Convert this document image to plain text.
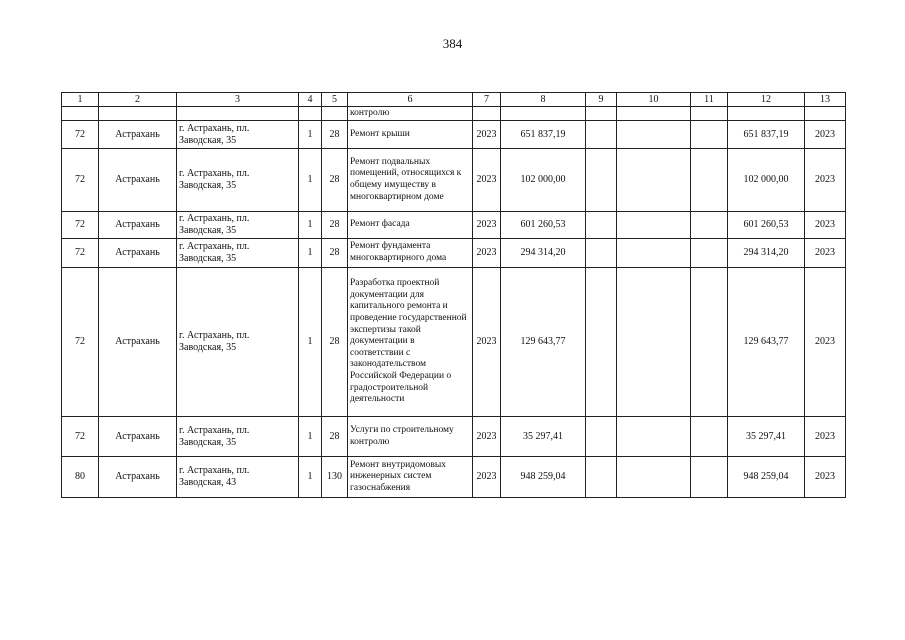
384
1	2	3	4	5	6	7	8	9	10	11	12	13
					контролю							
72	Астрахань	г. Астрахань, пл. Заводская, 35	1	28	Ремонт крыши	2023	651 837,19				651 837,19	2023
72	Астрахань	г. Астрахань, пл. Заводская, 35	1	28	Ремонт подвальных помещений, относящихся к общему имуществу в многоквартирном доме	2023	102 000,00				102 000,00	2023
72	Астрахань	г. Астрахань, пл. Заводская, 35	1	28	Ремонт фасада	2023	601 260,53				601 260,53	2023
72	Астрахань	г. Астрахань, пл. Заводская, 35	1	28	Ремонт фундамента многоквартирного дома	2023	294 314,20				294 314,20	2023
72	Астрахань	г. Астрахань, пл. Заводская, 35	1	28	Разработка проектной документации для капитального ремонта и проведение государственной экспертизы такой документации в соответствии с законодательством Российской Федерации о градостроительной деятельности	2023	129 643,77				129 643,77	2023
72	Астрахань	г. Астрахань, пл. Заводская, 35	1	28	Услуги по строительному контролю	2023	35 297,41				35 297,41	2023
80	Астрахань	г. Астрахань, пл. Заводская, 43	1	130	Ремонт внутридомовых инженерных систем газоснабжения	2023	948 259,04				948 259,04	2023
